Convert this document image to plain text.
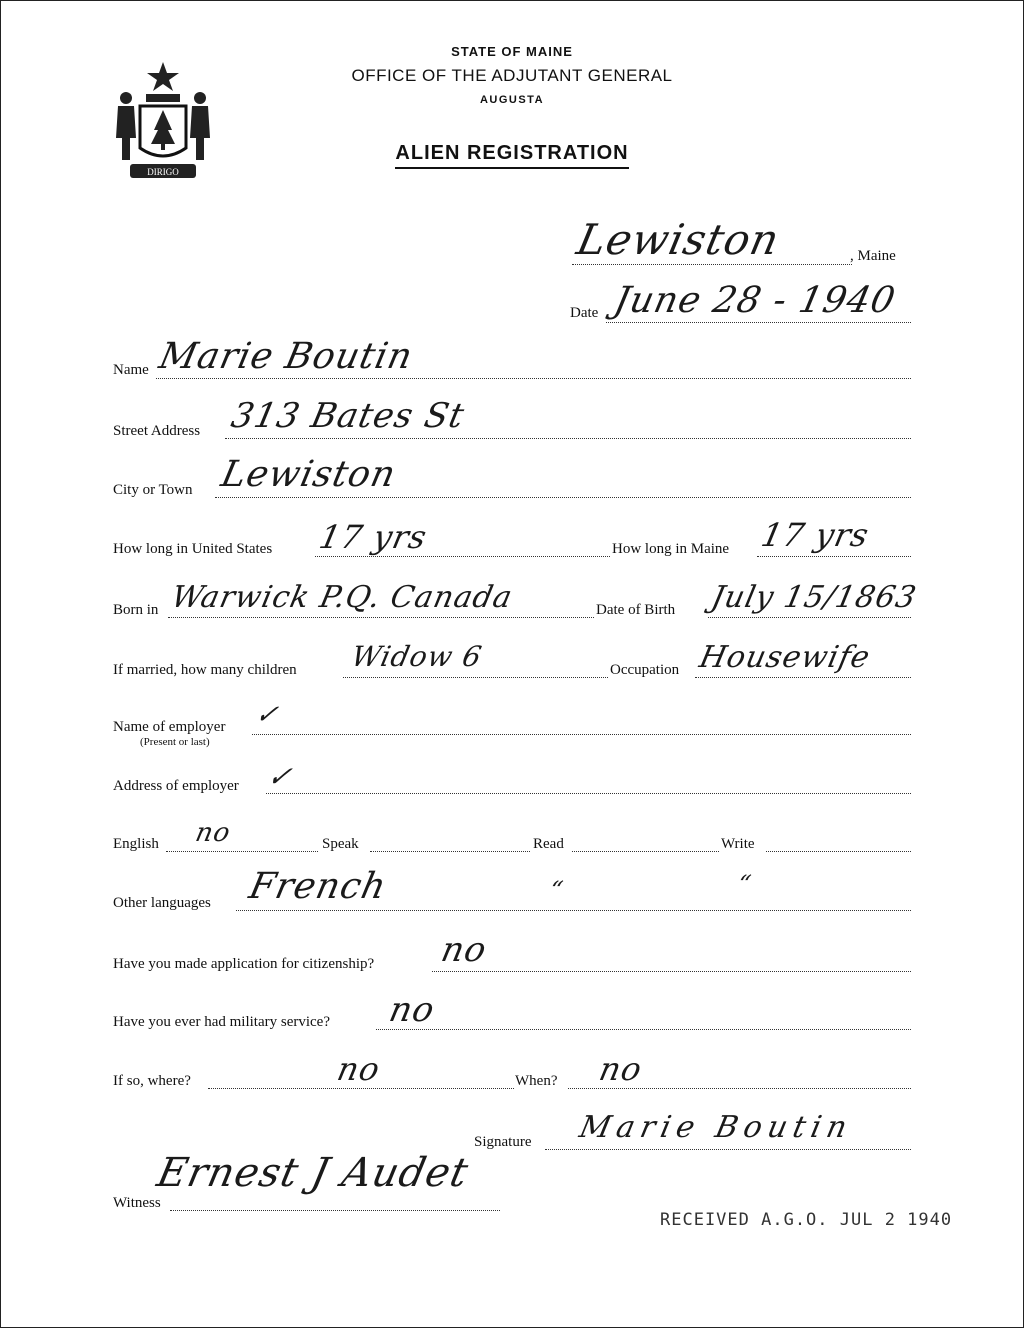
DIRIGO
STATE OF MAINE
OFFICE OF THE ADJUTANT GENERAL
AUGUSTA
ALIEN REGISTRATION
Lewiston	, Maine
Date June 28 - 1940
Name Marie Boutin
Street Address 313 Bates St
City or Town Lewiston
How long in United States 17 yrs	How long in Maine 17 yrs
Born in Warwick P.Q. Canada	Date of Birth July 15/1863
If married, how many children Widow 6	Occupation Housewife
Name of employer
(Present or last)
✓
Address of employer ✓
English no	Speak	Read	Write
Other languages French	“	“
Have you made application for citizenship? no
Have you ever had military service? no
If so, where?	no	When? no
Signature Marie Boutin
Witness
Ernest J Audet
RECEIVED A.G.O. JUL 2 1940
